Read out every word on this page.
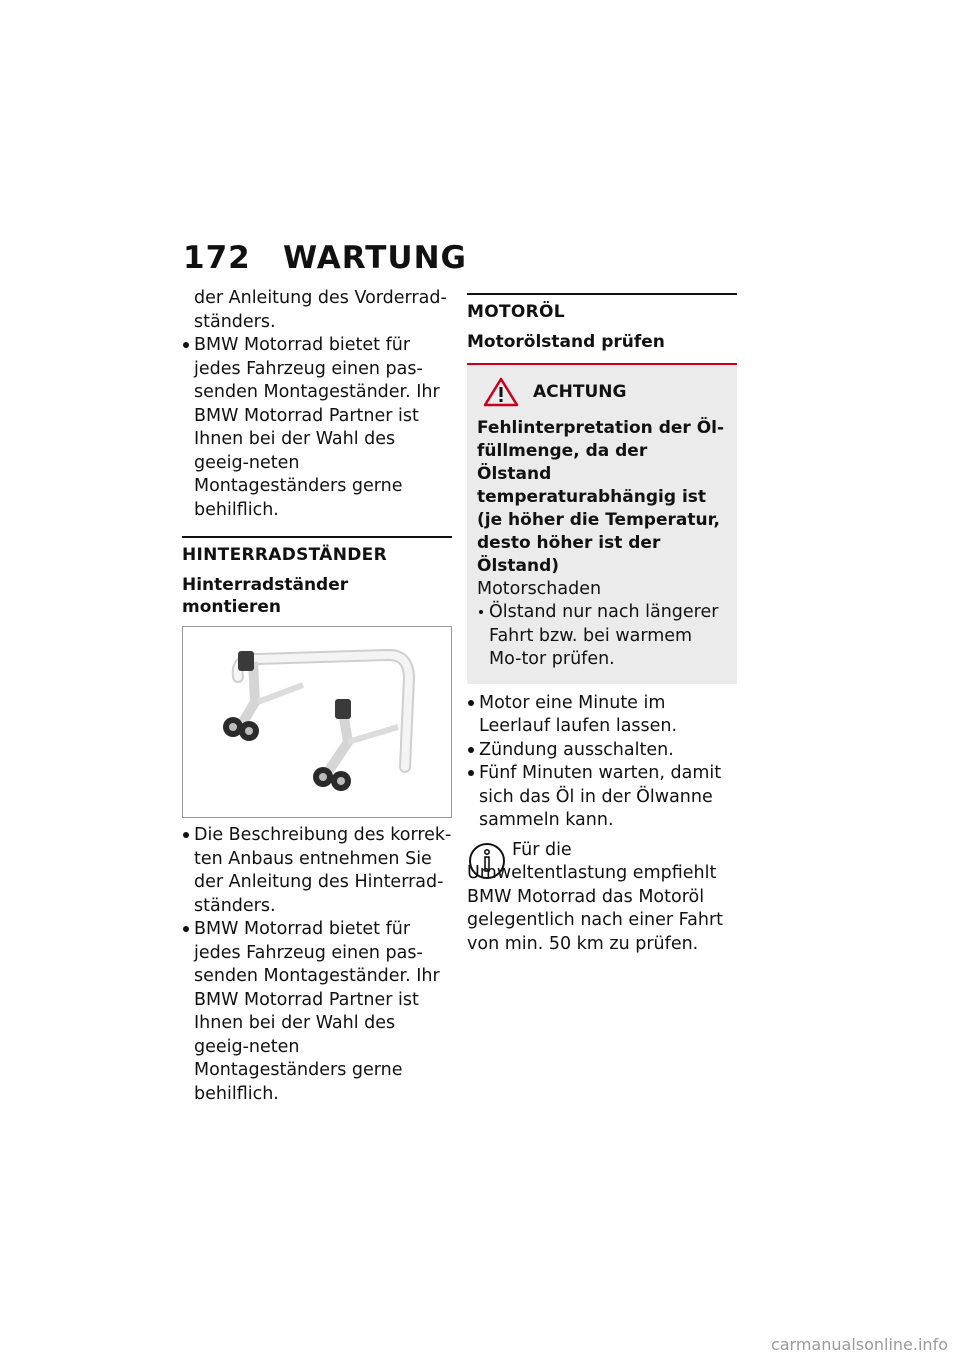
172 WARTUNG
der Anleitung des Vorderrad-ständers.
BMW Motorrad bietet für jedes Fahrzeug einen pas-senden Montageständer. Ihr BMW Motorrad Partner ist Ihnen bei der Wahl des geeig-neten Montageständers gerne behilflich.
HINTERRADSTÄNDER
Hinterradständer montieren
Die Beschreibung des korrek-ten Anbaus entnehmen Sie der Anleitung des Hinterrad-ständers.
BMW Motorrad bietet für jedes Fahrzeug einen pas-senden Montageständer. Ihr BMW Motorrad Partner ist Ihnen bei der Wahl des geeig-neten Montageständers gerne behilflich.
MOTORÖL
Motorölstand prüfen
ACHTUNG
Fehlinterpretation der Öl-füllmenge, da der Ölstand temperaturabhängig ist (je höher die Temperatur, desto höher ist der Ölstand)
Motorschaden
Ölstand nur nach längerer Fahrt bzw. bei warmem Mo-tor prüfen.
Motor eine Minute im Leerlauf laufen lassen.
Zündung ausschalten.
Fünf Minuten warten, damit sich das Öl in der Ölwanne sammeln kann.
Für die Umweltentlastung empfiehlt BMW Motorrad das Motoröl gelegentlich nach einer Fahrt von min. 50 km zu prüfen.
carmanualsonline.info
